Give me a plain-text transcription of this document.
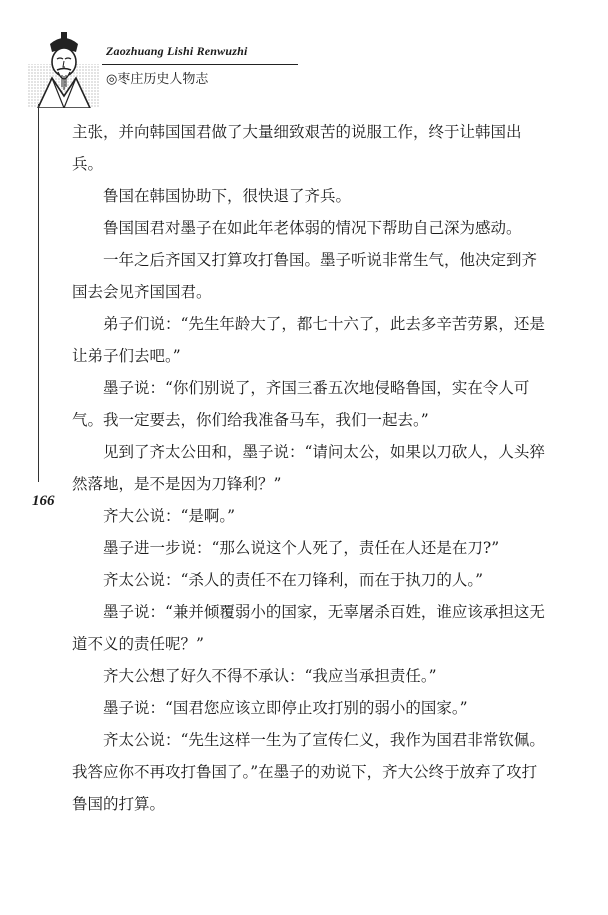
Zaozhuang Lishi Renwuzhi
◎枣庄历史人物志
166

主张，并向韩国国君做了大量细致艰苦的说服工作，终于让韩国出兵。

鲁国在韩国协助下，很快退了齐兵。

鲁国国君对墨子在如此年老体弱的情况下帮助自己深为感动。

一年之后齐国又打算攻打鲁国。墨子听说非常生气，他决定到齐国去会见齐国国君。

弟子们说：“先生年龄大了，都七十六了，此去多辛苦劳累，还是让弟子们去吧。”

墨子说：“你们别说了，齐国三番五次地侵略鲁国，实在令人可气。我一定要去，你们给我准备马车，我们一起去。”

见到了齐太公田和，墨子说：“请问太公，如果以刀砍人，人头猝然落地，是不是因为刀锋利？”

齐大公说：“是啊。”

墨子进一步说：“那么说这个人死了，责任在人还是在刀?”

齐太公说：“杀人的责任不在刀锋利，而在于执刀的人。”

墨子说：“兼并倾覆弱小的国家，无辜屠杀百姓，谁应该承担这无道不义的责任呢？”

齐大公想了好久不得不承认：“我应当承担责任。”

墨子说：“国君您应该立即停止攻打别的弱小的国家。”

齐太公说：“先生这样一生为了宣传仁义，我作为国君非常钦佩。我答应你不再攻打鲁国了。”在墨子的劝说下，齐大公终于放弃了攻打鲁国的打算。
